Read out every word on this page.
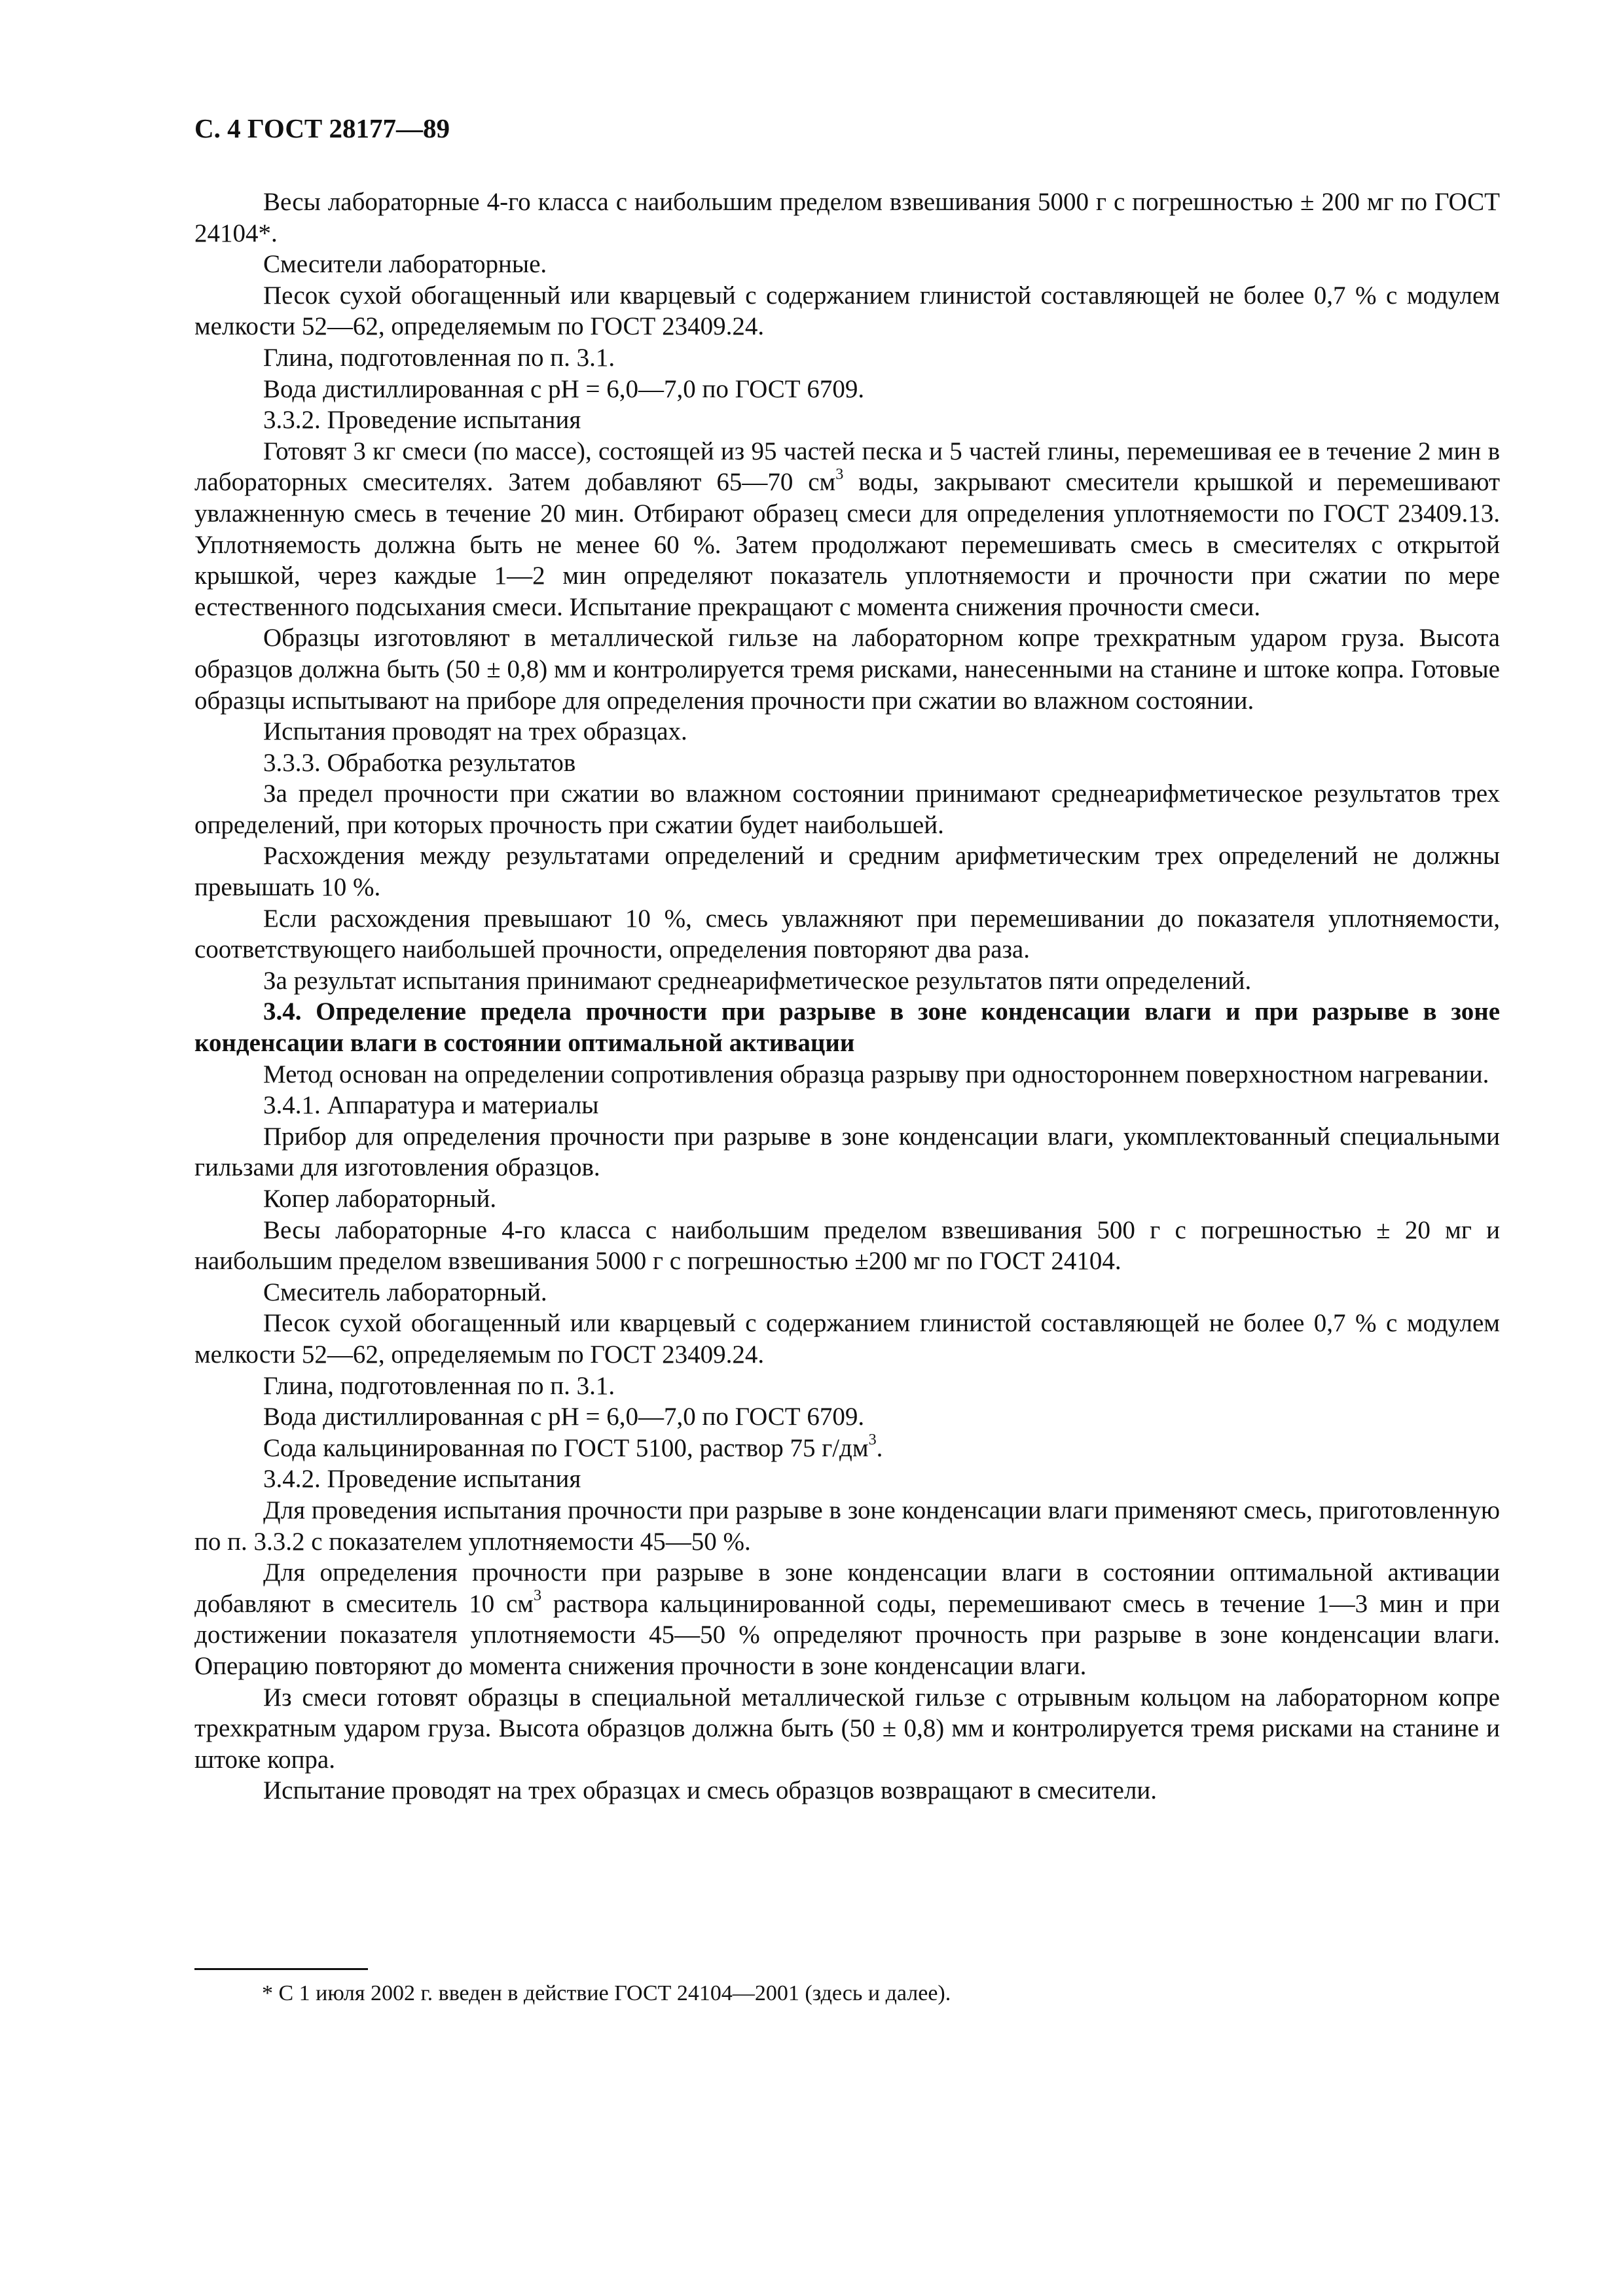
С. 4 ГОСТ 28177—89

Весы лабораторные 4-го класса с наибольшим пределом взвешивания 5000 г с погрешностью ± 200 мг по ГОСТ 24104*.

Смесители лабораторные.

Песок сухой обогащенный или кварцевый с содержанием глинистой составляющей не более 0,7 % с модулем мелкости 52—62, определяемым по ГОСТ 23409.24.

Глина, подготовленная по п. 3.1.

Вода дистиллированная с pH = 6,0—7,0 по ГОСТ 6709.

3.3.2. Проведение испытания

Готовят 3 кг смеси (по массе), состоящей из 95 частей песка и 5 частей глины, перемешивая ее в течение 2 мин в лабораторных смесителях. Затем добавляют 65—70 $см^3$ воды, закрывают смесители крышкой и перемешивают увлажненную смесь в течение 20 мин. Отбирают образец смеси для определения уплотняемости по ГОСТ 23409.13. Уплотняемость должна быть не менее 60 %. Затем продолжают перемешивать смесь в смесителях с открытой крышкой, через каждые 1—2 мин определяют показатель уплотняемости и прочности при сжатии по мере естественного подсыхания смеси. Испытание прекращают с момента снижения прочности смеси.

Образцы изготовляют в металлической гильзе на лабораторном копре трехкратным ударом груза. Высота образцов должна быть (50 ± 0,8) мм и контролируется тремя рисками, нанесенными на станине и штоке копра. Готовые образцы испытывают на приборе для определения прочности при сжатии во влажном состоянии.

Испытания проводят на трех образцах.

3.3.3. Обработка результатов

За предел прочности при сжатии во влажном состоянии принимают среднеарифметическое результатов трех определений, при которых прочность при сжатии будет наибольшей.

Расхождения между результатами определений и средним арифметическим трех определений не должны превышать 10 %.

Если расхождения превышают 10 %, смесь увлажняют при перемешивании до показателя уплотняемости, соответствующего наибольшей прочности, определения повторяют два раза.

За результат испытания принимают среднеарифметическое результатов пяти определений.

3.4. Определение предела прочности при разрыве в зоне конденсации влаги и при разрыве в зоне конденсации влаги в состоянии оптимальной активации

Метод основан на определении сопротивления образца разрыву при одностороннем поверхностном нагревании.

3.4.1. Аппаратура и материалы

Прибор для определения прочности при разрыве в зоне конденсации влаги, укомплектованный специальными гильзами для изготовления образцов.

Копер лабораторный.

Весы лабораторные 4-го класса с наибольшим пределом взвешивания 500 г с погрешностью ± 20 мг и наибольшим пределом взвешивания 5000 г с погрешностью ±200 мг по ГОСТ 24104.

Смеситель лабораторный.

Песок сухой обогащенный или кварцевый с содержанием глинистой составляющей не более 0,7 % с модулем мелкости 52—62, определяемым по ГОСТ 23409.24.

Глина, подготовленная по п. 3.1.

Вода дистиллированная с pH = 6,0—7,0 по ГОСТ 6709.

Сода кальцинированная по ГОСТ 5100, раствор 75 $г/дм^3$.

3.4.2. Проведение испытания

Для проведения испытания прочности при разрыве в зоне конденсации влаги применяют смесь, приготовленную по п. 3.3.2 с показателем уплотняемости 45—50 %.

Для определения прочности при разрыве в зоне конденсации влаги в состоянии оптимальной активации добавляют в смеситель 10 $см^3$ раствора кальцинированной соды, перемешивают смесь в течение 1—3 мин и при достижении показателя уплотняемости 45—50 % определяют прочность при разрыве в зоне конденсации влаги. Операцию повторяют до момента снижения прочности в зоне конденсации влаги.

Из смеси готовят образцы в специальной металлической гильзе с отрывным кольцом на лабораторном копре трехкратным ударом груза. Высота образцов должна быть (50 ± 0,8) мм и контролируется тремя рисками на станине и штоке копра.

Испытание проводят на трех образцах и смесь образцов возвращают в смесители.

* С 1 июля 2002 г. введен в действие ГОСТ 24104—2001 (здесь и далее).
